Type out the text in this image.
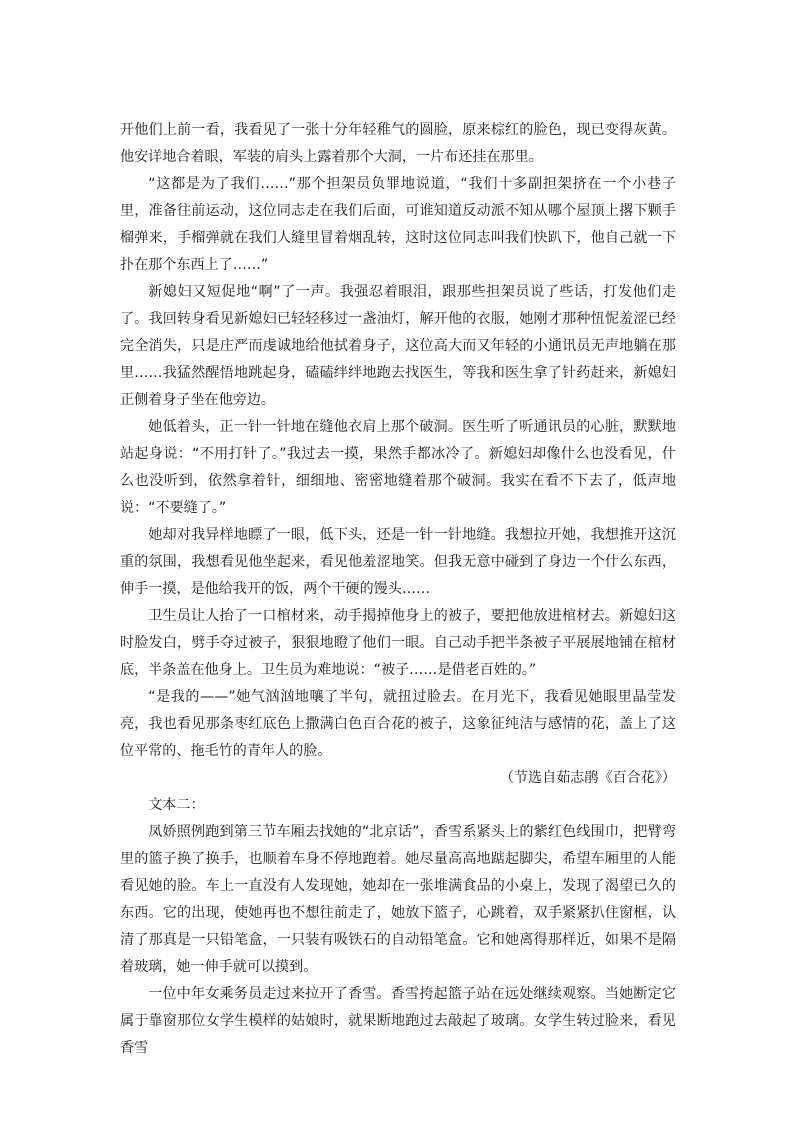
开他们上前一看，我看见了一张十分年轻稚气的圆脸，原来棕红的脸色，现已变得灰黄。他安详地合着眼，军装的肩头上露着那个大洞，一片布还挂在那里。

“这都是为了我们……”那个担架员负罪地说道，“我们十多副担架挤在一个小巷子里，准备往前运动，这位同志走在我们后面，可谁知道反动派不知从哪个屋顶上撂下颗手榴弹来，手榴弹就在我们人缝里冒着烟乱转，这时这位同志叫我们快趴下，他自己就一下扑在那个东西上了……”

新媳妇又短促地“啊”了一声。我强忍着眼泪，跟那些担架员说了些话，打发他们走了。我回转身看见新媳妇已轻轻移过一盏油灯，解开他的衣服，她刚才那种忸怩羞涩已经完全消失，只是庄严而虔诚地给他拭着身子，这位高大而又年轻的小通讯员无声地躺在那里……我猛然醒悟地跳起身，磕磕绊绊地跑去找医生，等我和医生拿了针药赶来，新媳妇正侧着身子坐在他旁边。

她低着头，正一针一针地在缝他衣肩上那个破洞。医生听了听通讯员的心脏，默默地站起身说：“不用打针了。”我过去一摸，果然手都冰冷了。新媳妇却像什么也没看见，什么也没听到，依然拿着针，细细地、密密地缝着那个破洞。我实在看不下去了，低声地说：“不要缝了。”

她却对我异样地瞟了一眼，低下头，还是一针一针地缝。我想拉开她，我想推开这沉重的氛围，我想看见他坐起来，看见他羞涩地笑。但我无意中碰到了身边一个什么东西，伸手一摸，是他给我开的饭，两个干硬的馒头……

卫生员让人抬了一口棺材来，动手揭掉他身上的被子，要把他放进棺材去。新媳妇这时脸发白，劈手夺过被子，狠狠地瞪了他们一眼。自己动手把半条被子平展展地铺在棺材底，半条盖在他身上。卫生员为难地说：“被子……是借老百姓的。”

“是我的——”她气汹汹地嚷了半句，就扭过脸去。在月光下，我看见她眼里晶莹发亮，我也看见那条枣红底色上撒满白色百合花的被子，这象征纯洁与感情的花，盖上了这位平常的、拖毛竹的青年人的脸。

（节选自茹志鹃《百合花》）

文本二：

凤娇照例跑到第三节车厢去找她的“北京话”，香雪系紧头上的紫红色线围巾，把臂弯里的篮子换了换手，也顺着车身不停地跑着。她尽量高高地踮起脚尖，希望车厢里的人能看见她的脸。车上一直没有人发现她，她却在一张堆满食品的小桌上，发现了渴望已久的东西。它的出现，使她再也不想往前走了，她放下篮子，心跳着，双手紧紧扒住窗框，认清了那真是一只铅笔盒，一只装有吸铁石的自动铅笔盒。它和她离得那样近，如果不是隔着玻璃，她一伸手就可以摸到。

一位中年女乘务员走过来拉开了香雪。香雪挎起篮子站在远处继续观察。当她断定它属于靠窗那位女学生模样的姑娘时，就果断地跑过去敲起了玻璃。女学生转过脸来，看见香雪
